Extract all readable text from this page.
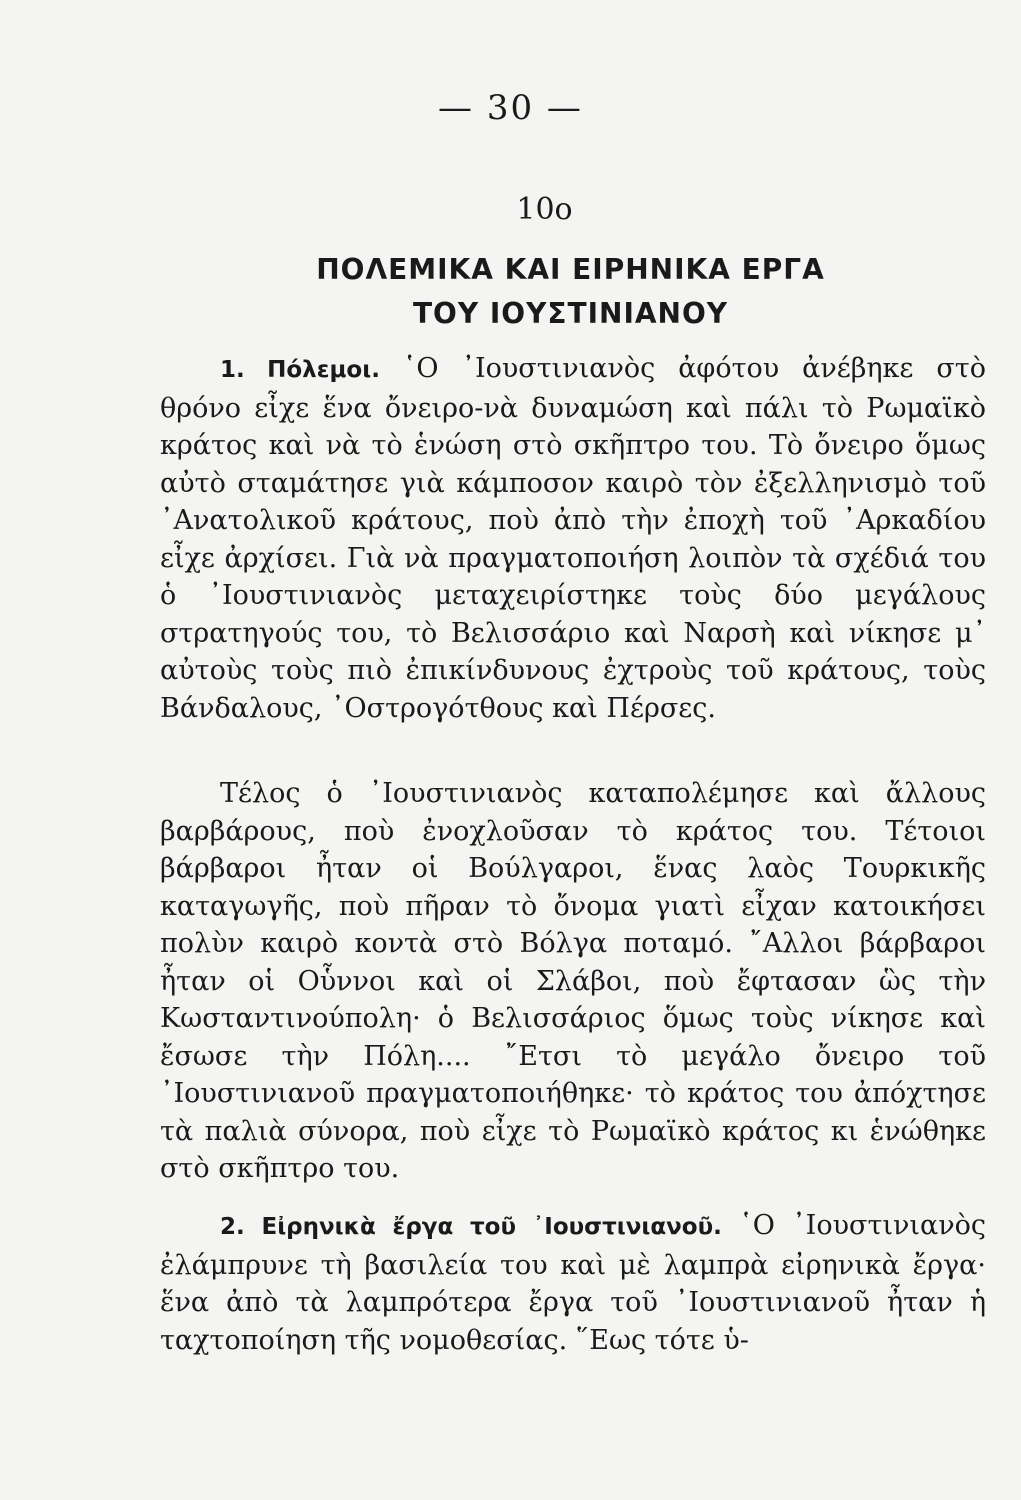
— 30 —
10ο
ΠΟΛΕΜΙΚΑ ΚΑΙ ΕΙΡΗΝΙΚΑ ΕΡΓΑ
ΤΟΥ ΙΟΥΣΤΙΝΙΑΝΟΥ

1. Πόλεμοι. ῾Ο ᾿Ιουστινιανὸς ἀφότου ἀνέβηκε στὸ θρόνο εἶχε ἕνα ὄνειρο-νὰ δυναμώση καὶ πάλι τὸ Ρωμαϊκὸ κράτος καὶ νὰ τὸ ἑνώση στὸ σκῆπτρο του. Τὸ ὄνειρο ὅμως αὐτὸ σταμάτησε γιὰ κάμποσον καιρὸ τὸν ἐξελληνισμὸ τοῦ ᾿Ανατολικοῦ κράτους, ποὺ ἀπὸ τὴν ἐποχὴ τοῦ ᾿Αρκαδίου εἶχε ἀρχίσει. Γιὰ νὰ πραγματοποιήση λοιπὸν τὰ σχέδιά του ὁ ᾿Ιουστινιανὸς μεταχειρίστηκε τοὺς δύο μεγάλους στρατηγούς του, τὸ Βελισσάριο καὶ Ναρσὴ καὶ νίκησε μ᾿ αὐτοὺς τοὺς πιὸ ἐπικίνδυνους ἐχτροὺς τοῦ κράτους, τοὺς Βάνδαλους, ᾿Οστρογότθους καὶ Πέρσες.

Τέλος ὁ ᾿Ιουστινιανὸς καταπολέμησε καὶ ἄλλους βαρβάρους, ποὺ ἐνοχλοῦσαν τὸ κράτος του. Τέτοιοι βάρβαροι ἦταν οἱ Βούλγαροι, ἕνας λαὸς Τουρκικῆς καταγωγῆς, ποὺ πῆραν τὸ ὄνομα γιατὶ εἶχαν κατοικήσει πολὺν καιρὸ κοντὰ στὸ Βόλγα ποταμό. ῎Αλλοι βάρβαροι ἦταν οἱ Οὗννοι καὶ οἱ Σλάβοι, ποὺ ἔφτασαν ὣς τὴν Κωσταντινούπολη· ὁ Βελισσάριος ὅμως τοὺς νίκησε καὶ ἔσωσε τὴν Πόλη.... ῎Ετσι τὸ μεγάλο ὄνειρο τοῦ ᾿Ιουστινιανοῦ πραγματοποιήθηκε· τὸ κράτος του ἀπόχτησε τὰ παλιὰ σύνορα, ποὺ εἶχε τὸ Ρωμαϊκὸ κράτος κι ἑνώθηκε στὸ σκῆπτρο του.

2. Εἰρηνικὰ ἔργα τοῦ ᾿Ιουστινιανοῦ. ῾Ο ᾿Ιουστινιανὸς ἐλάμπρυνε τὴ βασιλεία του καὶ μὲ λαμπρὰ εἰρηνικὰ ἔργα· ἕνα ἀπὸ τὰ λαμπρότερα ἔργα τοῦ ᾿Ιουστινιανοῦ ἦταν ἡ ταχτοποίηση τῆς νομοθεσίας. ῞Εως τότε ὑ-
